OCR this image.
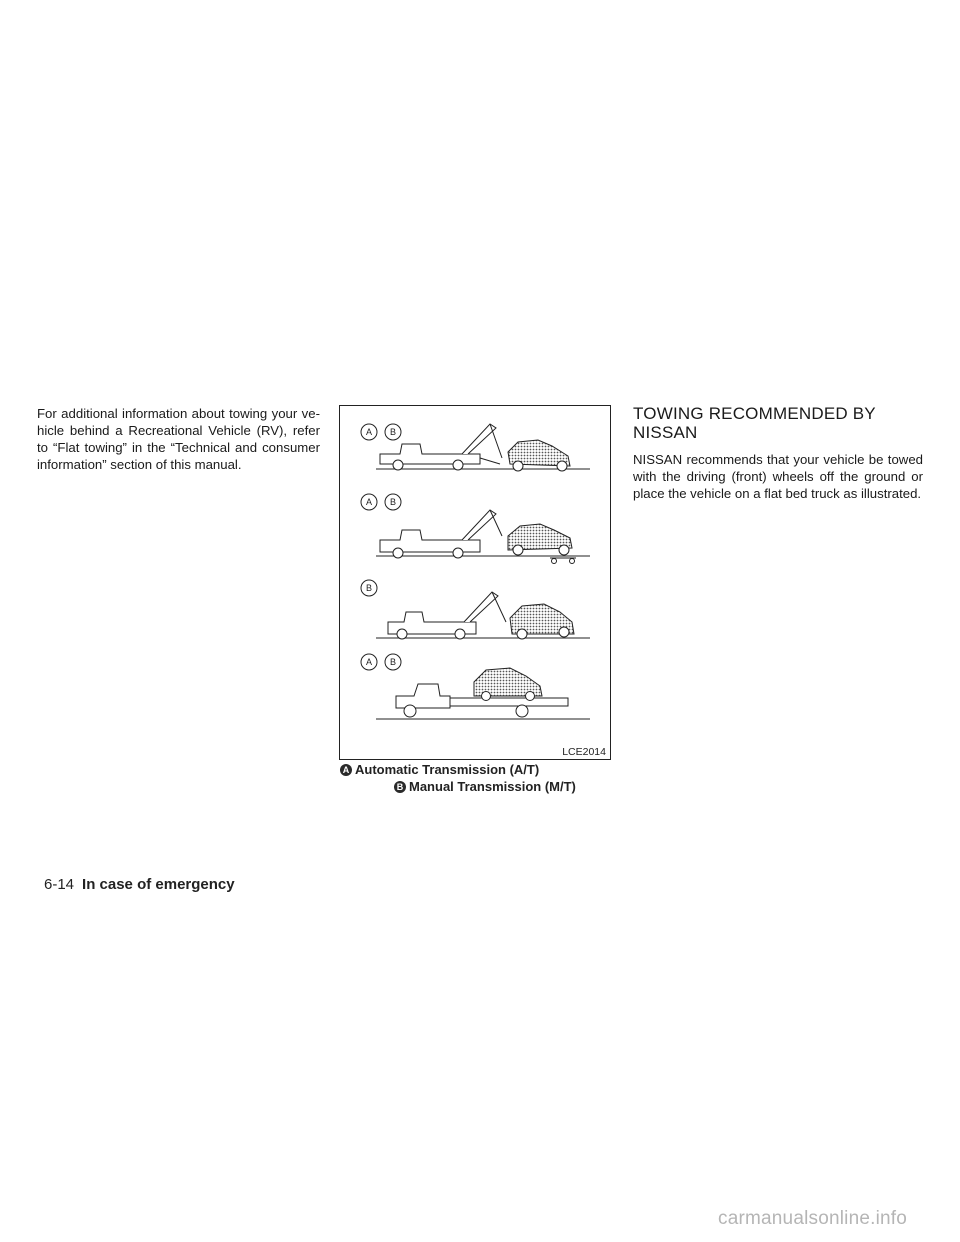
For additional information about towing your ve- hicle behind a Recreational Vehicle (RV), refer to “Flat towing” in the “Technical and consumer information” section of this manual.

A B
A B
B
A B
LCE2014
A Automatic Transmission (A/T)
B Manual Transmission (M/T)
TOWING RECOMMENDED BY NISSAN

NISSAN recommends that your vehicle be towed with the driving (front) wheels off the ground or place the vehicle on a flat bed truck as illustrated.

6-14 In case of emergency
carmanualsonline.info
